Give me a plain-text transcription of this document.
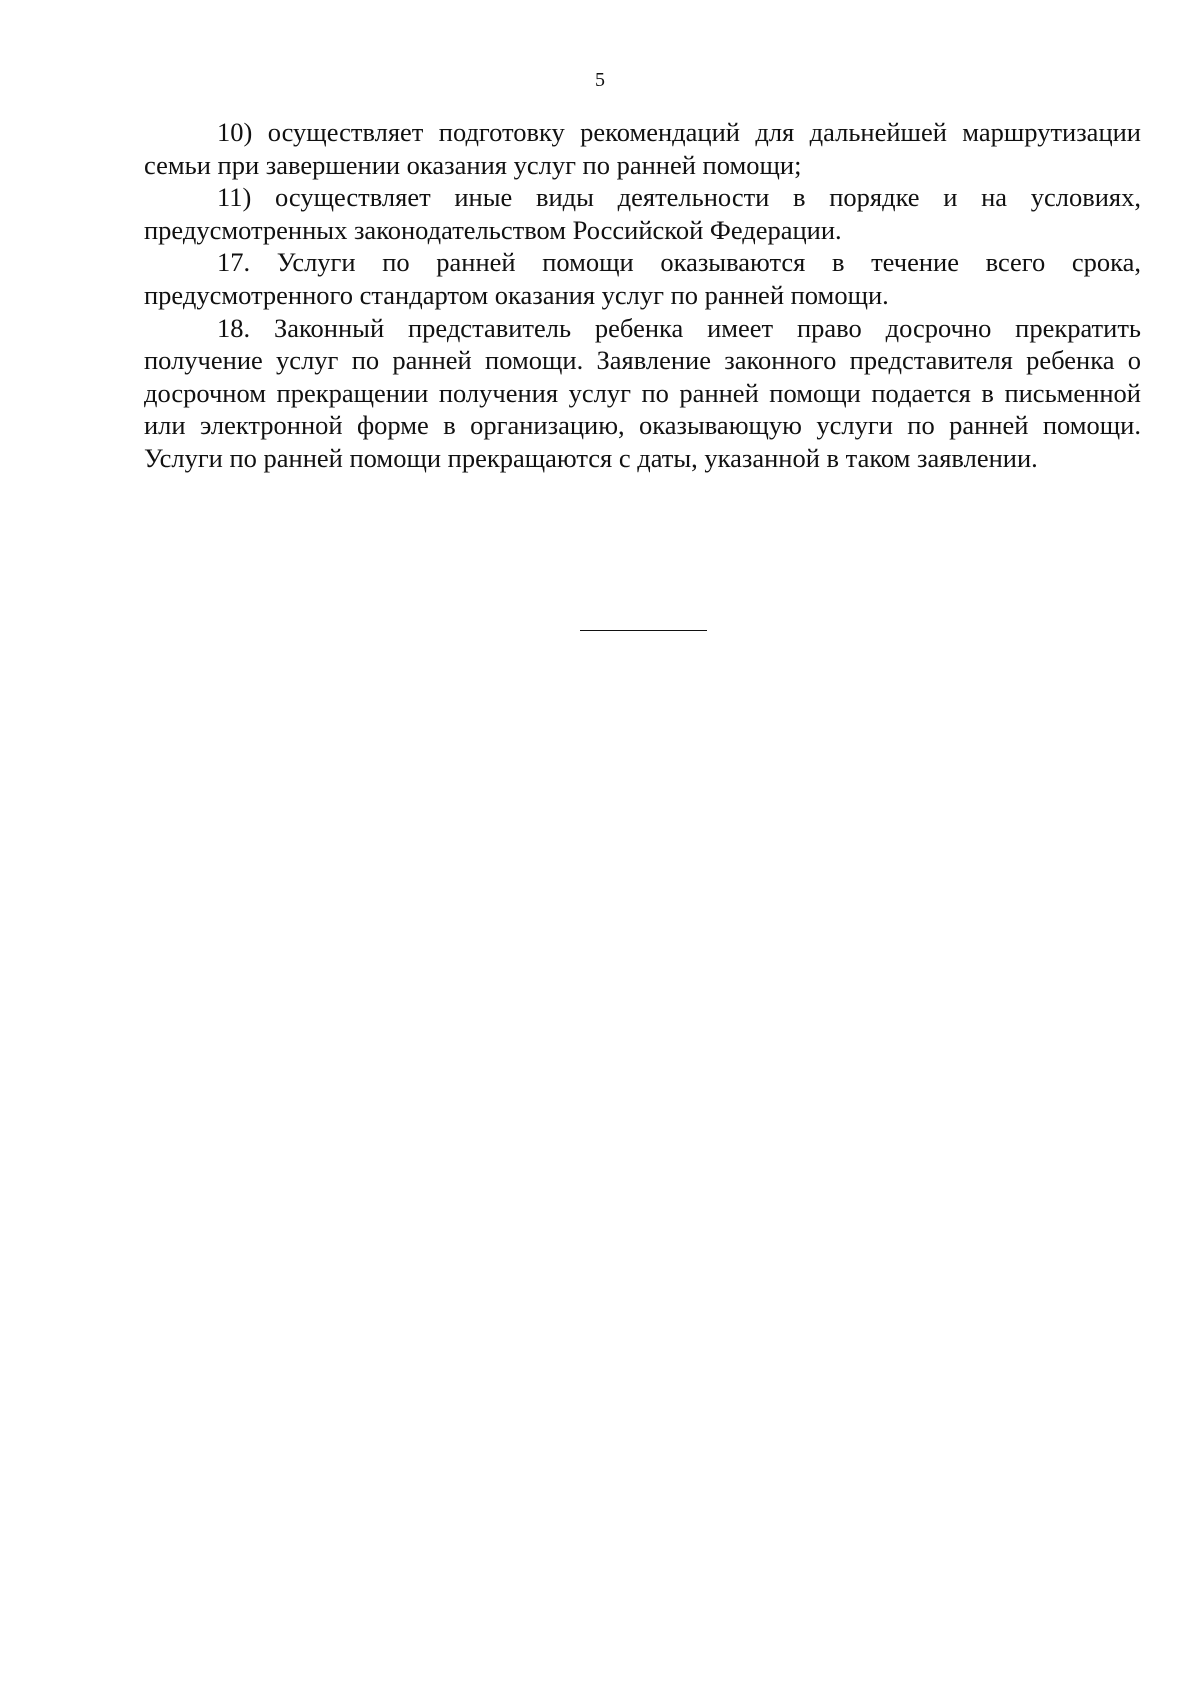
5

10) осуществляет подготовку рекомендаций для дальнейшей маршрутизации семьи при завершении оказания услуг по ранней помощи;

11) осуществляет иные виды деятельности в порядке и на условиях, предусмотренных законодательством Российской Федерации.

17. Услуги по ранней помощи оказываются в течение всего срока, предусмотренного стандартом оказания услуг по ранней помощи.

18. Законный представитель ребенка имеет право досрочно прекратить получение услуг по ранней помощи. Заявление законного представителя ребенка о досрочном прекращении получения услуг по ранней помощи подается в письменной или электронной форме в организацию, оказывающую услуги по ранней помощи. Услуги по ранней помощи прекращаются с даты, указанной в таком заявлении.
